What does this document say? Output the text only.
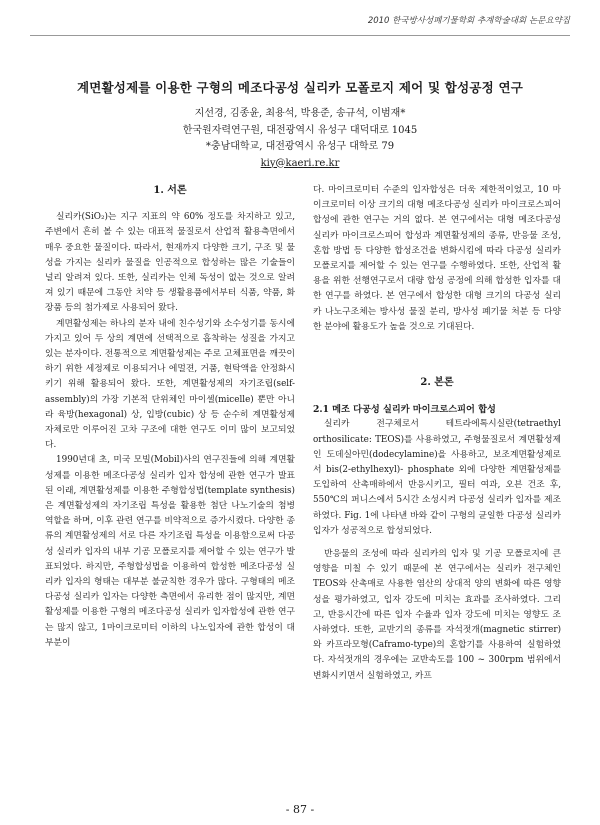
2010 한국방사성폐기물학회 추계학술대회 논문요약집
계면활성제를 이용한 구형의 메조다공성 실리카 모폴로지 제어 및 합성공정 연구
지선경, 김종윤, 최용석, 박용준, 송규석, 이범재*
한국원자력연구원, 대전광역시 유성구 대덕대로 1045
*충남대학교, 대전광역시 유성구 대학로 79
kiy@kaeri.re.kr
1. 서론

실리카(SiO₂)는 지구 지표의 약 60% 정도를 차지하고 있고, 주변에서 흔히 볼 수 있는 대표적 물질로서 산업적 활용측면에서 매우 중요한 물질이다. 따라서, 현재까지 다양한 크기, 구조 및 물성을 가지는 실리카 물질을 인공적으로 합성하는 많은 기술들이 널리 알려져 있다. 또한, 실리카는 인체 독성이 없는 것으로 알려져 있기 때문에 그동안 치약 등 생활용품에서부터 식품, 약품, 화장품 등의 첨가제로 사용되어 왔다.

계면활성제는 하나의 분자 내에 친수성기와 소수성기를 동시에 가지고 있어 두 상의 계면에 선택적으로 흡착하는 성질을 가지고 있는 분자이다. 전통적으로 계면활성제는 주로 고체표면을 깨끗이 하기 위한 세정제로 이용되거나 에멀젼, 거품, 현탁액을 안정화시키기 위해 활용되어 왔다. 또한, 계면활성제의 자기조립(self-assembly)의 가장 기본적 단위체인 마이셀(micelle) 뿐만 아니라 육방(hexagonal) 상, 입방(cubic) 상 등 순수히 계면활성제 자체로만 이루어진 고차 구조에 대한 연구도 이미 많이 보고되었다.

1990년대 초, 미국 모빌(Mobil)사의 연구진들에 의해 계면활성제를 이용한 메조다공성 실리카 입자 합성에 관한 연구가 발표된 이래, 계면활성제를 이용한 주형합성법(template synthesis)은 계면활성제의 자기조립 특성을 활용한 첨단 나노기술의 첨병 역할을 하며, 이후 관련 연구를 비약적으로 증가시켰다. 다양한 종류의 계면활성제의 서로 다른 자기조립 특성을 이용함으로써 다공성 실리카 입자의 내부 기공 모폴로지를 제어할 수 있는 연구가 발표되었다. 하지만, 주형합성법을 이용하여 합성한 메조다공성 실리카 입자의 형태는 대부분 불균칙한 경우가 많다. 구형태의 메조다공성 실리카 입자는 다양한 측면에서 유리한 점이 많지만, 계면활성제를 이용한 구형의 메조다공성 실리카 입자합성에 관한 연구는 많지 않고, 1마이크로미터 이하의 나노입자에 관한 합성이 대부분이

다. 마이크로미터 수준의 입자합성은 더욱 제한적이었고, 10 마이크로미터 이상 크기의 대형 메조다공성 실리카 마이크로스피어 합성에 관한 연구는 거의 없다. 본 연구에서는 대형 메조다공성 실리카 마이크로스피어 합성과 계면활성제의 종류, 반응물 조성, 혼합 방법 등 다양한 합성조건을 변화시킴에 따라 다공성 실리카 모폴로지를 제어할 수 있는 연구를 수행하였다. 또한, 산업적 활용을 위한 선행연구로서 대량 합성 공정에 의해 합성한 입자를 대한 연구를 하였다. 본 연구에서 합성한 대형 크기의 다공성 실리카 나노구조체는 방사성 물질 분리, 방사성 폐기물 처분 등 다양한 분야에 활용도가 높을 것으로 기대된다.

2. 본론
2.1 메조 다공성 실리카 마이크로스피어 합성

실리카 전구체로서 테트라에톡시실란(tetraethyl orthosilicate: TEOS)를 사용하였고, 주형물질로서 계면활성제인 도데실아민(dodecylamine)을 사용하고, 보조계면활성제로서 bis(2-ethylhexyl)- phosphate 외에 다양한 계면활성제를 도입하여 산촉매하에서 반응시키고, 필터 여과, 오븐 건조 후, 550℃의 퍼니스에서 5시간 소성시켜 다공성 실리카 입자를 제조하였다. Fig. 1에 나타낸 바와 같이 구형의 균일한 다공성 실리카 입자가 성공적으로 합성되었다.

반응물의 조성에 따라 실리카의 입자 및 기공 모폴로지에 큰 영향을 미칠 수 있기 때문에 본 연구에서는 실리카 전구체인 TEOS와 산촉매로 사용한 염산의 상대적 양의 변화에 따른 영향성을 평가하였고, 입자 강도에 미치는 효과를 조사하였다. 그리고, 반응시간에 따른 입자 수율과 입자 강도에 미치는 영향도 조사하였다. 또한, 교반기의 종류를 자석젓개(magnetic stirrer)와 카프라모형(Caframo-type)의 혼합기를 사용하여 실험하였다. 자석젓개의 경우에는 교반속도를 100 ~ 300rpm 범위에서 변화시키면서 실험하였고, 카프

- 87 -
